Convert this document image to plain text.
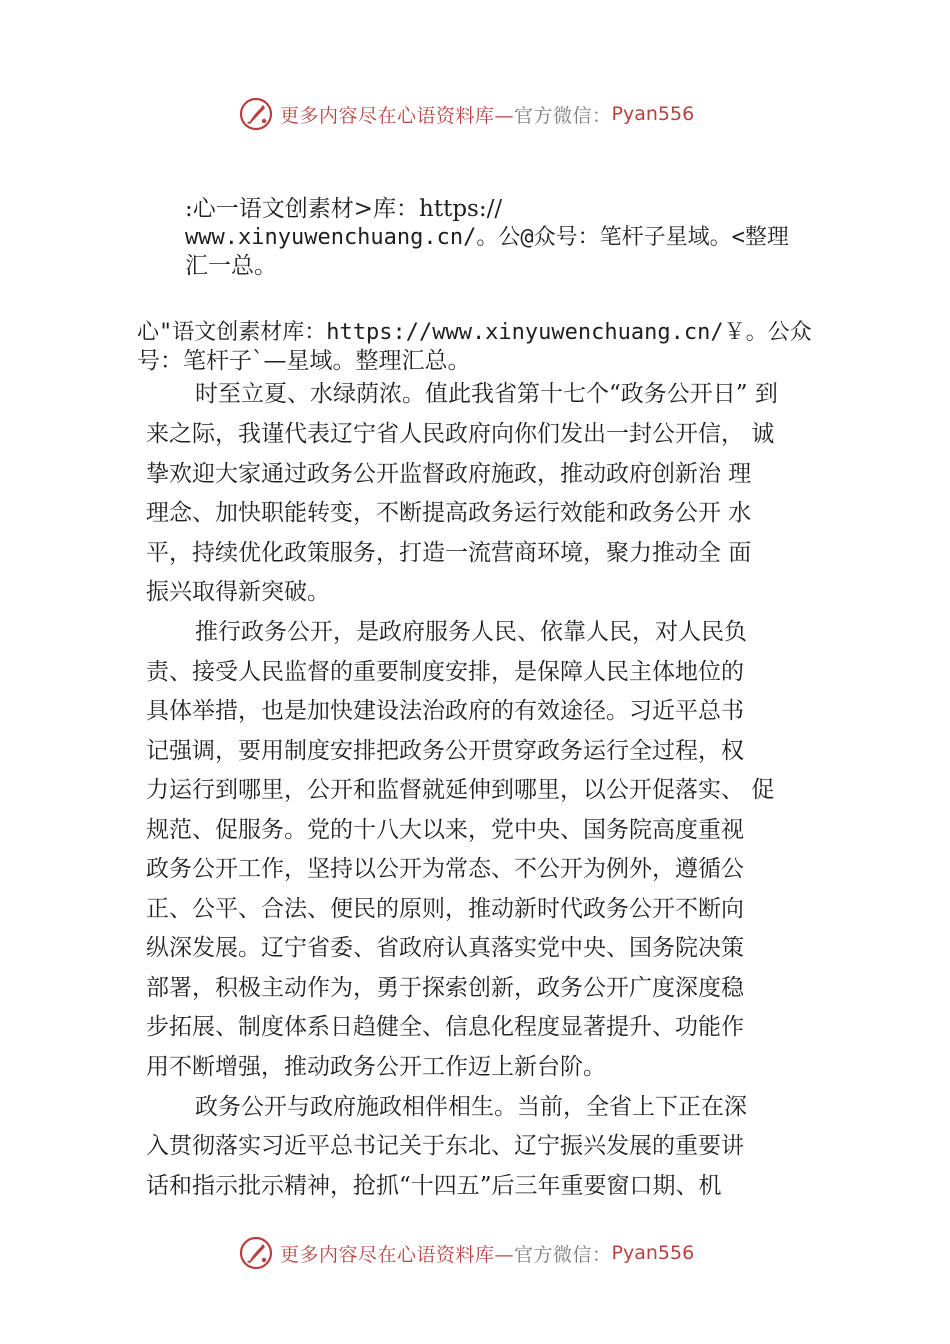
更多内容尽在心语资料库— 官方微信： Pyan556
:心一语文创素材>库：https://
www.xinyuwenchuang.cn/。公@众号：笔杆子星域。<整理
汇一总。
心"语文创素材库：https://www.xinyuwenchuang.cn/￥。公众
号：笔杆子`—星域。整理汇总。
时至立夏、水绿荫浓。值此我省第十七个“政务公开日” 到
来之际，我谨代表辽宁省人民政府向你们发出一封公开信， 诚
挚欢迎大家通过政务公开监督政府施政，推动政府创新治 理
理念、加快职能转变，不断提高政务运行效能和政务公开 水
平，持续优化政策服务，打造一流营商环境，聚力推动全 面
振兴取得新突破。
推行政务公开，是政府服务人民、依靠人民，对人民负
责、接受人民监督的重要制度安排，是保障人民主体地位的
具体举措，也是加快建设法治政府的有效途径。习近平总书
记强调，要用制度安排把政务公开贯穿政务运行全过程，权
力运行到哪里，公开和监督就延伸到哪里，以公开促落实、 促
规范、促服务。党的十八大以来，党中央、国务院高度重视
政务公开工作，坚持以公开为常态、不公开为例外，遵循公
正、公平、合法、便民的原则，推动新时代政务公开不断向
纵深发展。辽宁省委、省政府认真落实党中央、国务院决策
部署，积极主动作为，勇于探索创新，政务公开广度深度稳
步拓展、制度体系日趋健全、信息化程度显著提升、功能作
用不断增强，推动政务公开工作迈上新台阶。
政务公开与政府施政相伴相生。当前，全省上下正在深
入贯彻落实习近平总书记关于东北、辽宁振兴发展的重要讲
话和指示批示精神，抢抓“十四五”后三年重要窗口期、机
更多内容尽在心语资料库— 官方微信： Pyan556
